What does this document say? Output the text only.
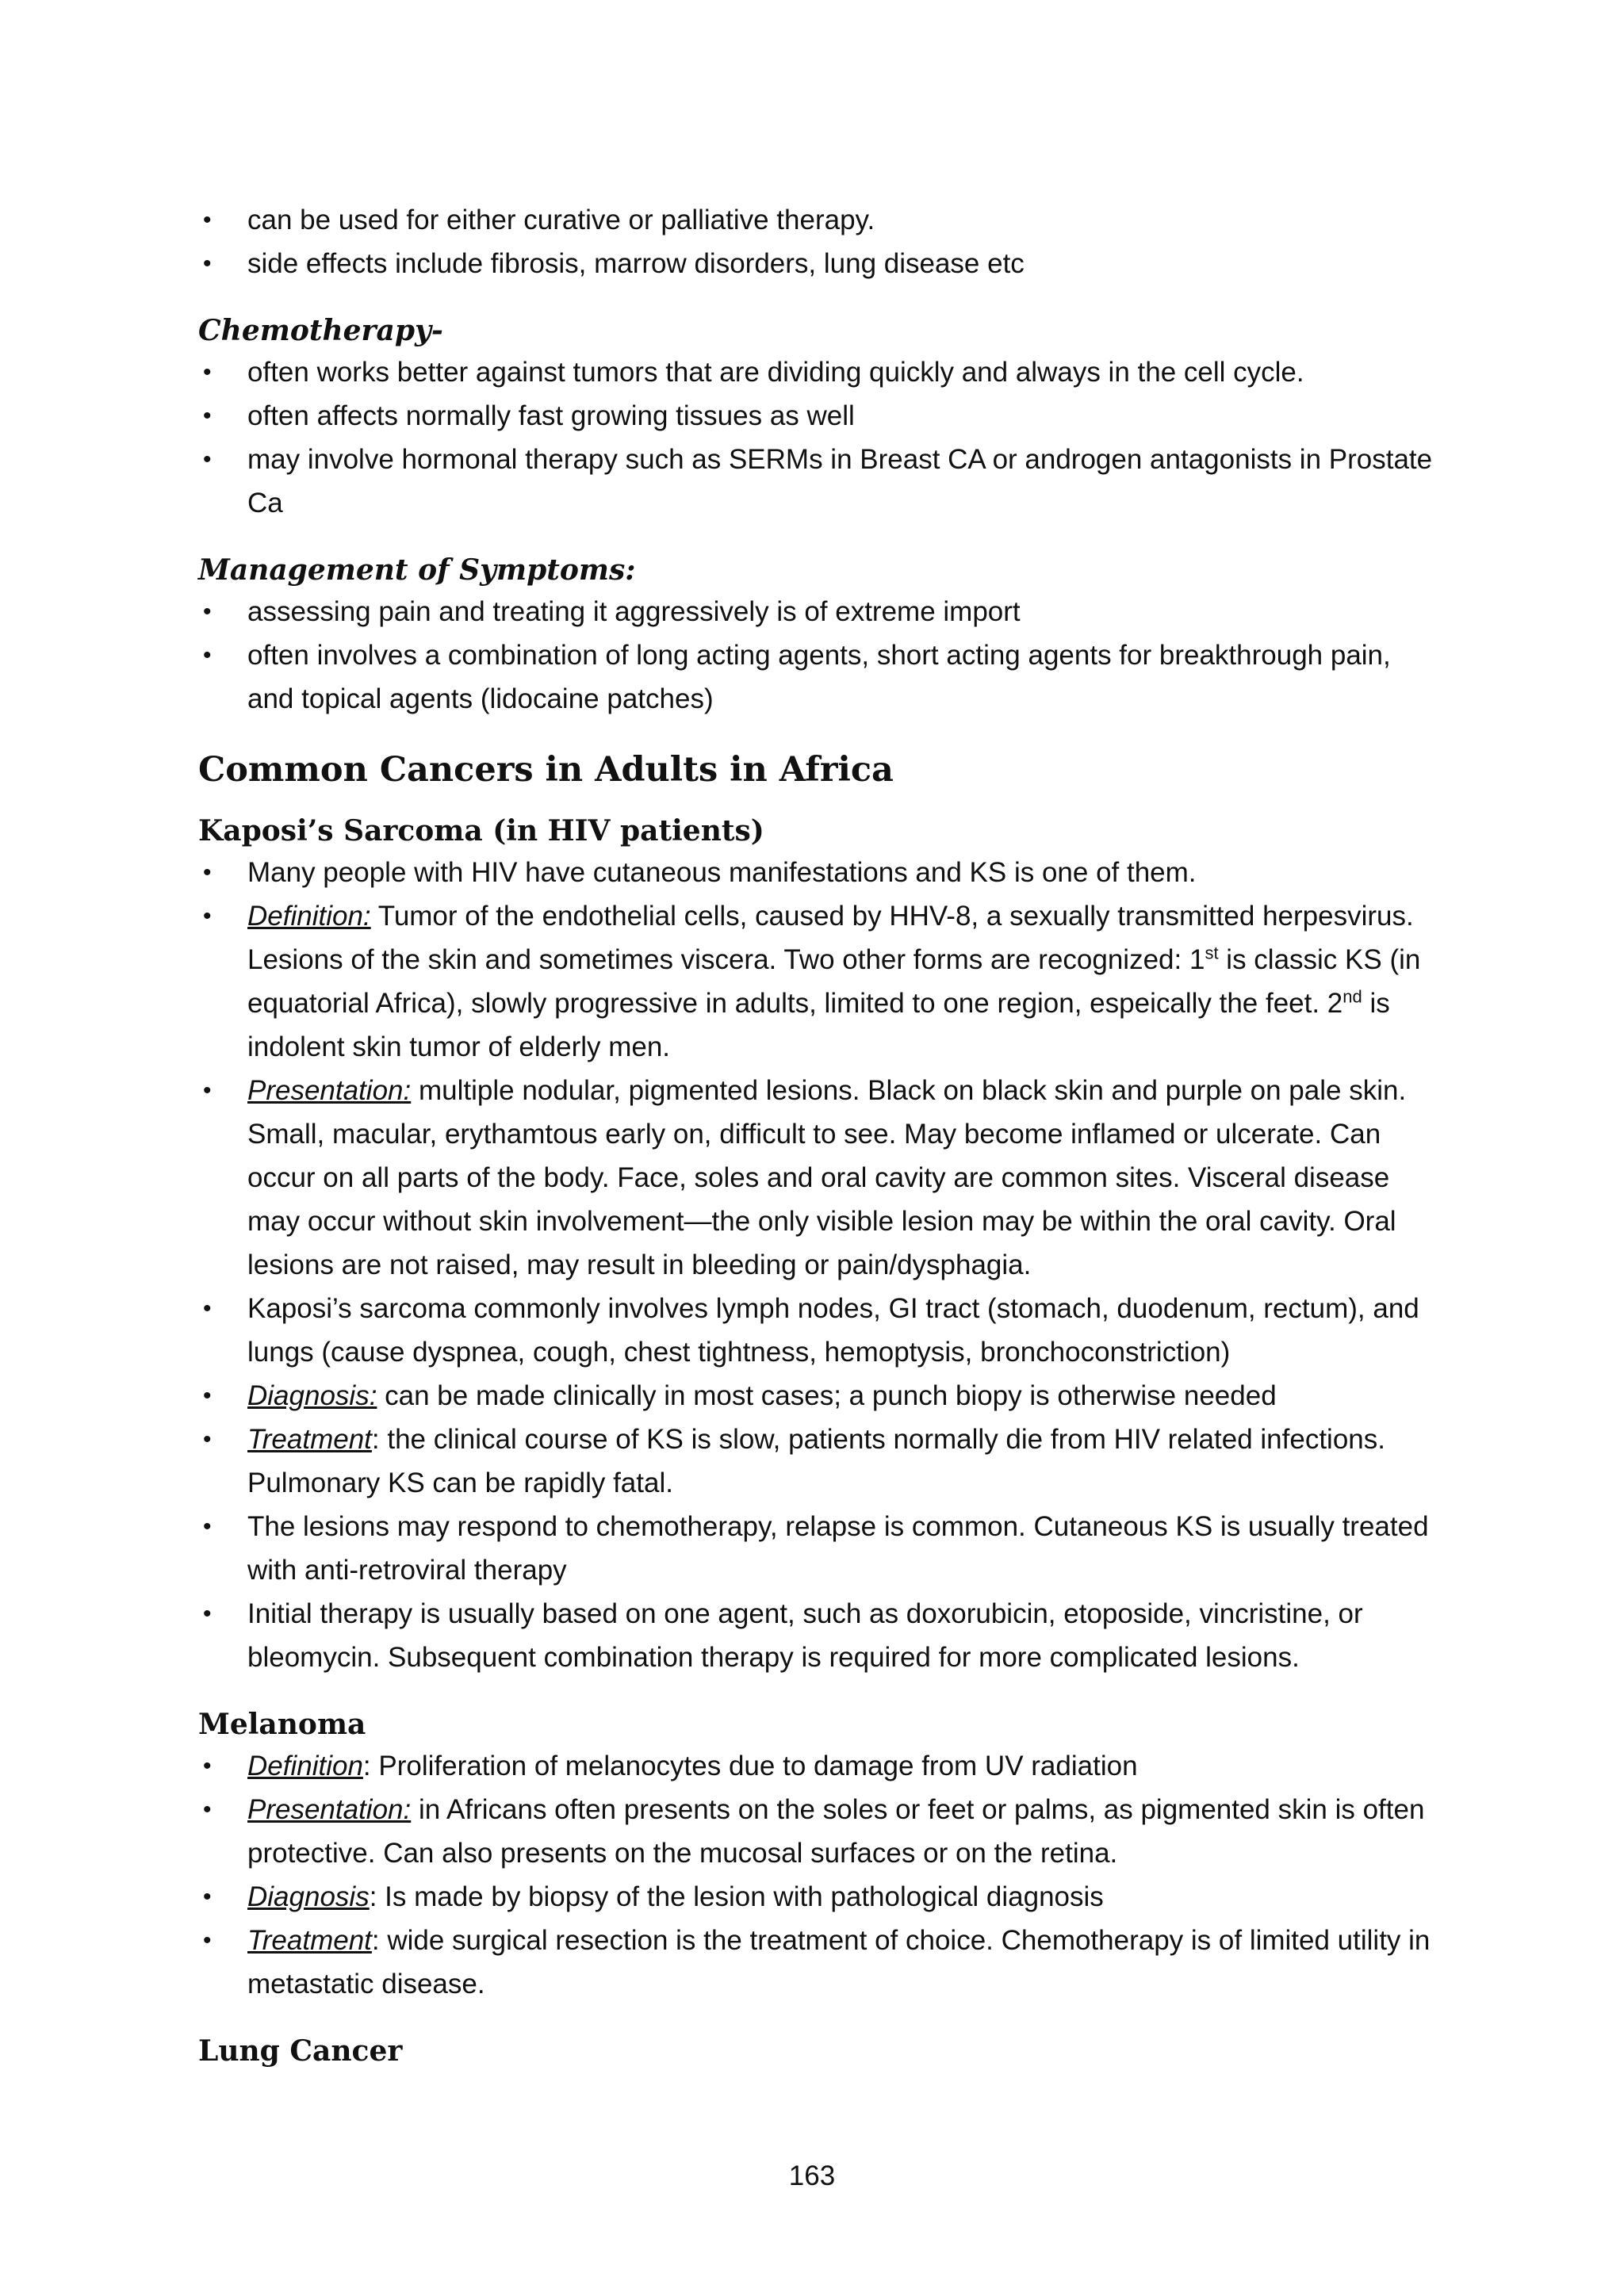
•	can be used for either curative or palliative therapy.
•	side effects include fibrosis, marrow disorders, lung disease etc
Chemotherapy-
•	often works better against tumors that are dividing quickly and always in the cell cycle.
•	often affects normally fast growing tissues as well
•	may involve hormonal therapy such as SERMs in Breast CA or androgen antagonists in Prostate Ca
Management of Symptoms:
•	assessing pain and treating it aggressively is of extreme import
•	often involves a combination of long acting agents, short acting agents for breakthrough pain, and topical agents (lidocaine patches)
Common Cancers in Adults in Africa
Kaposi’s Sarcoma (in HIV patients)
•	Many people with HIV have cutaneous manifestations and KS is one of them.
•	Definition: Tumor of the endothelial cells, caused by HHV-8, a sexually transmitted herpesvirus. Lesions of the skin and sometimes viscera. Two other forms are recognized: 1st is classic KS (in equatorial Africa), slowly progressive in adults, limited to one region, espeically the feet. 2nd is indolent skin tumor of elderly men.
•	Presentation: multiple nodular, pigmented lesions. Black on black skin and purple on pale skin. Small, macular, erythamtous early on, difficult to see. May become inflamed or ulcerate. Can occur on all parts of the body. Face, soles and oral cavity are common sites. Visceral disease may occur without skin involvement—the only visible lesion may be within the oral cavity. Oral lesions are not raised, may result in bleeding or pain/dysphagia.
•	Kaposi’s sarcoma commonly involves lymph nodes, GI tract (stomach, duodenum, rectum), and lungs (cause dyspnea, cough, chest tightness, hemoptysis, bronchoconstriction)
•	Diagnosis: can be made clinically in most cases; a punch biopy is otherwise needed
•	Treatment: the clinical course of KS is slow, patients normally die from HIV related infections. Pulmonary KS can be rapidly fatal.
•	The lesions may respond to chemotherapy, relapse is common. Cutaneous KS is usually treated with anti-retroviral therapy
•	Initial therapy is usually based on one agent, such as doxorubicin, etoposide, vincristine, or bleomycin. Subsequent combination therapy is required for more complicated lesions.
Melanoma
•	Definition: Proliferation of melanocytes due to damage from UV radiation
•	Presentation: in Africans often presents on the soles or feet or palms, as pigmented skin is often protective. Can also presents on the mucosal surfaces or on the retina.
•	Diagnosis: Is made by biopsy of the lesion with pathological diagnosis
•	Treatment: wide surgical resection is the treatment of choice. Chemotherapy is of limited utility in metastatic disease.
Lung Cancer
163
